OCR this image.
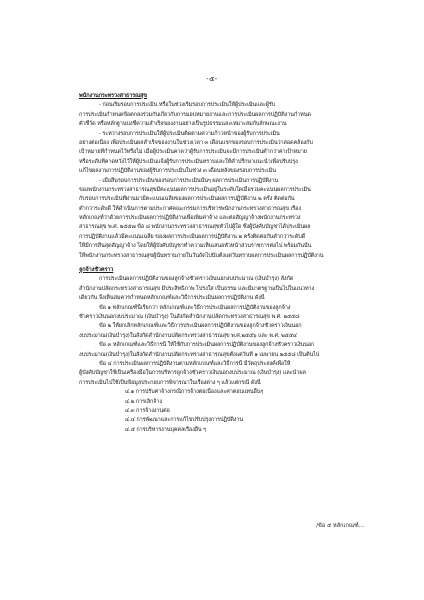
-๕-
พนักงานกระทรวงสาธารณสุข
- ก่อนเริ่มรอบการประเมิน หรือในช่วงเริ่มรอบการประเมินให้ผู้ประเมินและผู้รับ
การประเมินกำหนดข้อตกลงร่วมกันเกี่ยวกับการมอบหมายงานและการประเมินผลการปฏิบัติงานกำหนด
ตัวชี้วัด หรือหลักฐานบ่งชี้ความสำเร็จของงานอย่างเป็นรูปธรรมและเหมาะสมกับลักษณะงาน
- ระหว่างรอบการประเมินให้ผู้ประเมินติดตามความก้าวหน้าของผู้รับการประเมิน
อย่างต่อเนื่อง เพื่อประเมินผลสำเร็จของงานในช่วงเวลา ๓ เดือนแรกของรอบการประเมินว่าสอดคล้องกับ
เป้าหมายที่กำหนดไว้หรือไม่ เมื่อผู้ประเมินคาดว่าผู้รับการประเมินจะมีการประเมินต่ำกว่าค่าเป้าหมาย
หรือระดับที่คาดหวังไว้ให้ผู้ประเมินแจ้งผู้รับการประเมินทราบและให้คำปรึกษาแนะนำเพื่อปรับปรุง
แก้ไขผลงานการปฏิบัติงานของผู้รับการประเมินในช่วง ๓ เดือนหลังของรอบการประเมิน
- เมื่อสิ้นรอบการประเมินของรอบการประเมินนั้นๆ ผลการประเมินการปฏิบัติงาน
ของพนักงานกระทรวงสาธารณสุขมีคะแนนผลการประเมินอยู่ในระดับใดเมื่อรวมคะแนนผลการประเมิน
กับรอบการประเมินที่ผ่านมามีคะแนนเฉลี่ยของผลการประเมินผลการปฏิบัติงาน ๒ ครั้ง ติดต่อกัน
ต่ำกว่าระดับดี ให้ดำเนินการตามประกาศคณะกรรมการบริหารพนักงานกระทรวงสาธารณสุข เรื่อง
หลักเกณฑ์ว่าด้วยการประเมินผลการปฏิบัติงานเพื่อเพิ่มค่าจ้าง และต่อสัญญาจ้างพนักงานกระทรวง
สาธารณสุข พ.ศ. ๒๕๕๗ ข้อ ๘ พนักงานกระทรวงสาธารณสุขทั่วไปผู้ใด ซึ่งผู้บังคับบัญชาได้ประเมินผล
การปฏิบัติงานแล้วมีคะแนนเฉลี่ย ของผลการประเมินผลการปฏิบัติงาน ๒ ครั้งติดต่อกันต่ำกว่าระดับดี
ให้มีการสิ้นสุดสัญญาจ้าง โดยให้ผู้บังคับบัญชาทำความเห็นเสนอหัวหน้าส่วนราชการต่อไป พร้อมกันนั้น
ให้พนักงานกระทรวงสาธารณสุขผู้นั้นทราบภายในวันถัดไปนับตั้งแต่วันทราบผลการประเมินผลการปฏิบัติงาน
ลูกจ้างชั่วคราว
การประเมินผลการปฏิบัติงานของลูกจ้างชั่วคราวเงินนอกงบประมาณ (เงินบำรุง) สังกัด
สำนักงานปลัดกระทรวงสาธารณสุข มีประสิทธิภาพ โปร่งใส เป็นธรรม และมีมาตรฐานเป็นไปในแนวทาง
เดียวกัน จึงเห็นสมควรกำหนดหลักเกณฑ์และวิธีการประเมินผลการปฏิบัติงาน ดังนี้
ข้อ ๑ หลักเกณฑ์นี้เรียกว่า หลักเกณฑ์และวิธีการประเมินผลการปฏิบัติงานของลูกจ้าง
ชั่วคราวเงินนอกงบประมาณ (เงินบำรุง) ในสังกัดสำนักงานปลัดกระทรวงสาธารณสุข พ.ศ. ๒๕๕๘
ข้อ ๒ ให้ยกเลิกหลักเกณฑ์และวิธีการประเมินผลการปฏิบัติงานของลูกจ้างชั่วคราวเงินนอก
งบประมาณ(เงินบำรุง)ในสังกัดสำนักงานปลัดกระทรวงสาธารณสุข พ.ศ.๒๕๕๖ และ พ.ศ. ๒๕๕๔
ข้อ ๓ หลักเกณฑ์และวิธีการนี้ ให้ใช้กับการประเมินผลการปฏิบัติงานของลูกจ้างชั่วคราวเงินนอก
งบประมาณ(เงินบำรุง)ในสังกัดสำนักงานปลัดกระทรวงสาธารณสุขตั้งแต่วันที่ ๑ เมษายน ๒๕๕๘ เป็นต้นไป
ข้อ ๔ การประเมินผลการปฏิบัติงานตามหลักเกณฑ์และวิธีการนี้ มีวัตถุประสงค์เพื่อให้
ผู้บังคับบัญชาใช้เป็นเครื่องมือในการบริหารลูกจ้างชั่วคราวเงินนอกงบประมาณ (เงินบำรุง) และนำผล
การประเมินไปใช้เป็นข้อมูลประกอบการพิจารณาในเรื่องต่าง ๆ แล้วแต่กรณี ดังนี้
๔.๑ การปรับค่าจ้างกรณีการจ้างต่อเนื่องและค่าตอบแทนอื่นๆ
๔.๒ การเลิกจ้าง
๔.๓ การจ้างงานต่อ
๔.๔ การพัฒนาและการแก้ไขปรับปรุงการปฏิบัติงาน
๔.๕ การบริหารงานบุคคลเรื่องอื่น ๆ
/ข้อ ๕ หลักเกณฑ์...
